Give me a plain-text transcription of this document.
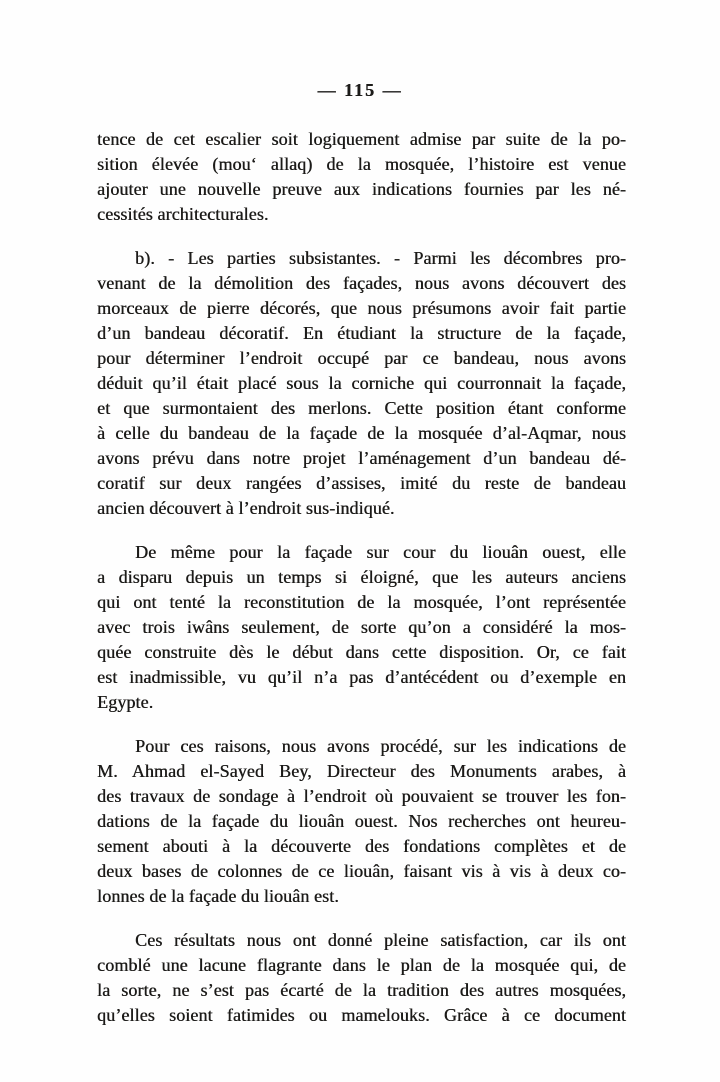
— 115 —
tence de cet escalier soit logiquement admise par suite de la po-
sition élevée (mou‘ allaq) de la mosquée, l’histoire est venue
ajouter une nouvelle preuve aux indications fournies par les né-
cessités architecturales.
b). - Les parties subsistantes. - Parmi les décombres pro-
venant de la démolition des façades, nous avons découvert des
morceaux de pierre décorés, que nous présumons avoir fait partie
d’un bandeau décoratif. En étudiant la structure de la façade,
pour déterminer l’endroit occupé par ce bandeau, nous avons
déduit qu’il était placé sous la corniche qui courronnait la façade,
et que surmontaient des merlons. Cette position étant conforme
à celle du bandeau de la façade de la mosquée d’al-Aqmar, nous
avons prévu dans notre projet l’aménagement d’un bandeau dé-
coratif sur deux rangées d’assises, imité du reste de bandeau
ancien découvert à l’endroit sus-indiqué.
De même pour la façade sur cour du liouân ouest, elle
a disparu depuis un temps si éloigné, que les auteurs anciens
qui ont tenté la reconstitution de la mosquée, l’ont représentée
avec trois iwâns seulement, de sorte qu’on a considéré la mos-
quée construite dès le début dans cette disposition. Or, ce fait
est inadmissible, vu qu’il n’a pas d’antécédent ou d’exemple en
Egypte.
Pour ces raisons, nous avons procédé, sur les indications de
M. Ahmad el-Sayed Bey, Directeur des Monuments arabes, à
des travaux de sondage à l’endroit où pouvaient se trouver les fon-
dations de la façade du liouân ouest. Nos recherches ont heureu-
sement abouti à la découverte des fondations complètes et de
deux bases de colonnes de ce liouân, faisant vis à vis à deux co-
lonnes de la façade du liouân est.
Ces résultats nous ont donné pleine satisfaction, car ils ont
comblé une lacune flagrante dans le plan de la mosquée qui, de
la sorte, ne s’est pas écarté de la tradition des autres mosquées,
qu’elles soient fatimides ou mamelouks. Grâce à ce document
